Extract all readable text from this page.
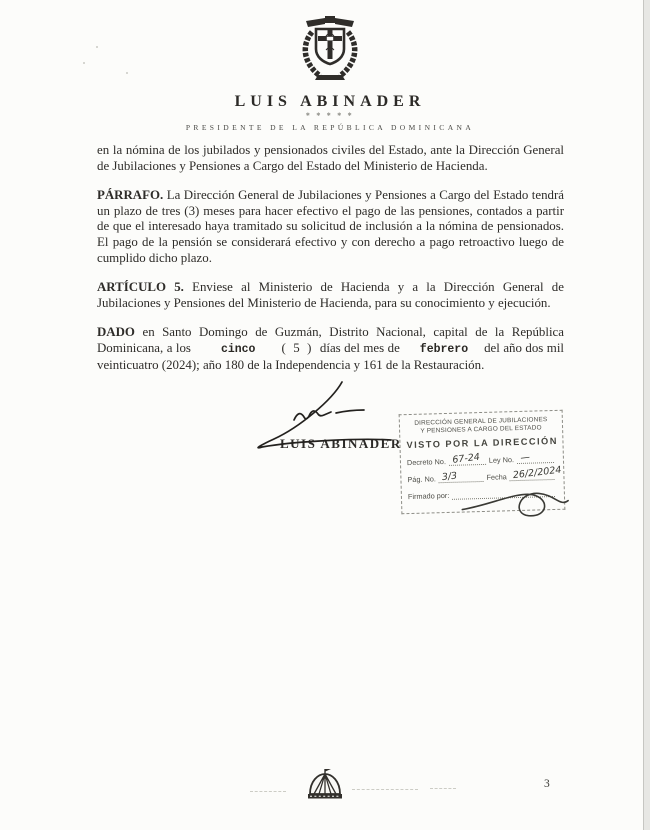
LUIS ABINADER
✱ ✱ ✱ ✱ ✱
PRESIDENTE DE LA REPÚBLICA DOMINICANA

en la nómina de los jubilados y pensionados civiles del Estado, ante la Dirección General de Jubilaciones y Pensiones a Cargo del Estado del Ministerio de Hacienda.

PÁRRAFO. La Dirección General de Jubilaciones y Pensiones a Cargo del Estado tendrá un plazo de tres (3) meses para hacer efectivo el pago de las pensiones, contados a partir de que el interesado haya tramitado su solicitud de inclusión a la nómina de pensionados. El pago de la pensión se considerará efectivo y con derecho a pago retroactivo luego de cumplido dicho plazo.

ARTÍCULO 5. Enviese al Ministerio de Hacienda y a la Dirección General de Jubilaciones y Pensiones del Ministerio de Hacienda, para su conocimiento y ejecución.

DADO en Santo Domingo de Guzmán, Distrito Nacional, capital de la República Dominicana, a los	cinco ( 5 ) días del mes de febrero del año dos mil veinticuatro (2024); año 180 de la Independencia y 161 de la Restauración.

LUIS ABINADER
DIRECCIÓN GENERAL DE JUBILACIONES
Y PENSIONES A CARGO DEL ESTADO
VISTO POR LA DIRECCIÓN
Decreto No. 67-24 Ley No. —
Pág. No. 3/3	Fecha 26/2/2024
Firmado por:
3
